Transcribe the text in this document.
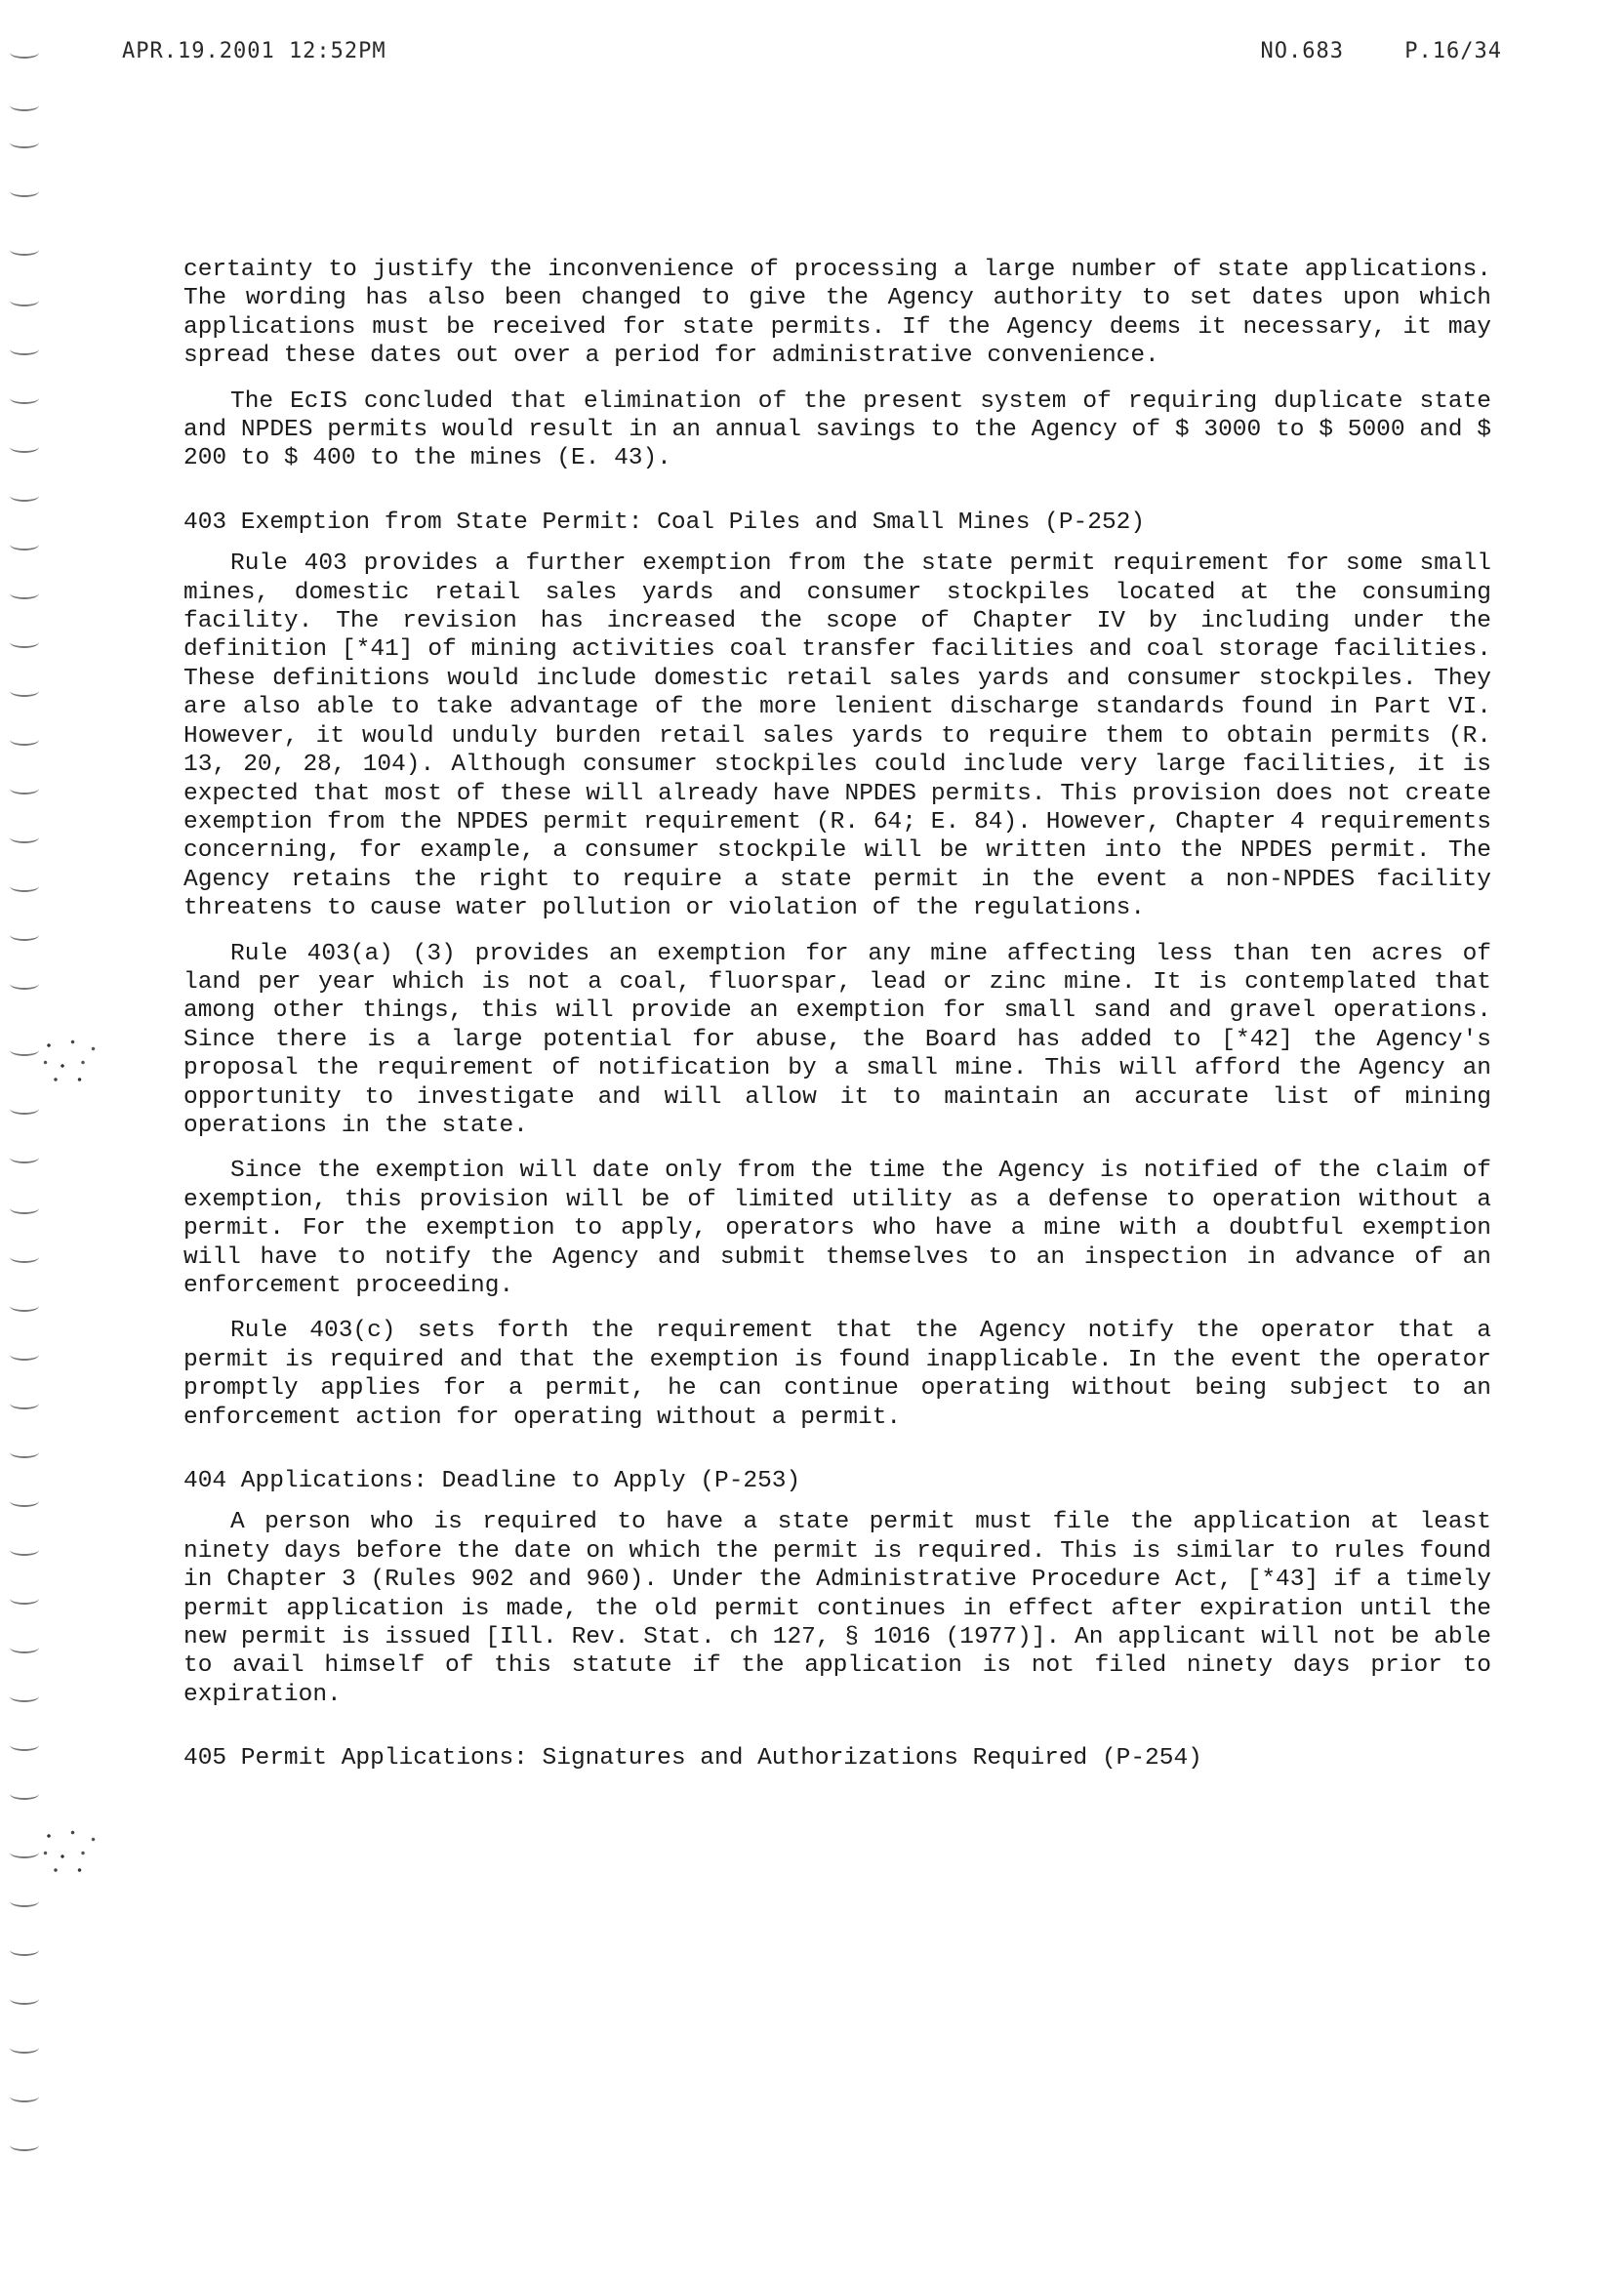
APR.19.2001 12:52PM	NO.683	P.16/34

certainty to justify the inconvenience of processing a large number of state applications. The wording has also been changed to give the Agency authority to set dates upon which applications must be received for state permits. If the Agency deems it necessary, it may spread these dates out over a period for administrative convenience.

The EcIS concluded that elimination of the present system of requiring duplicate state and NPDES permits would result in an annual savings to the Agency of $ 3000 to $ 5000 and $ 200 to $ 400 to the mines (E. 43).

403 Exemption from State Permit: Coal Piles and Small Mines (P-252)

Rule 403 provides a further exemption from the state permit requirement for some small mines, domestic retail sales yards and consumer stockpiles located at the consuming facility. The revision has increased the scope of Chapter IV by including under the definition [*41] of mining activities coal transfer facilities and coal storage facilities. These definitions would include domestic retail sales yards and consumer stockpiles. They are also able to take advantage of the more lenient discharge standards found in Part VI. However, it would unduly burden retail sales yards to require them to obtain permits (R. 13, 20, 28, 104). Although consumer stockpiles could include very large facilities, it is expected that most of these will already have NPDES permits. This provision does not create exemption from the NPDES permit requirement (R. 64; E. 84). However, Chapter 4 requirements concerning, for example, a consumer stockpile will be written into the NPDES permit. The Agency retains the right to require a state permit in the event a non-NPDES facility threatens to cause water pollution or violation of the regulations.

Rule 403(a) (3) provides an exemption for any mine affecting less than ten acres of land per year which is not a coal, fluorspar, lead or zinc mine. It is contemplated that among other things, this will provide an exemption for small sand and gravel operations. Since there is a large potential for abuse, the Board has added to [*42] the Agency's proposal the requirement of notification by a small mine. This will afford the Agency an opportunity to investigate and will allow it to maintain an accurate list of mining operations in the state.

Since the exemption will date only from the time the Agency is notified of the claim of exemption, this provision will be of limited utility as a defense to operation without a permit. For the exemption to apply, operators who have a mine with a doubtful exemption will have to notify the Agency and submit themselves to an inspection in advance of an enforcement proceeding.

Rule 403(c) sets forth the requirement that the Agency notify the operator that a permit is required and that the exemption is found inapplicable. In the event the operator promptly applies for a permit, he can continue operating without being subject to an enforcement action for operating without a permit.

404 Applications: Deadline to Apply (P-253)

A person who is required to have a state permit must file the application at least ninety days before the date on which the permit is required. This is similar to rules found in Chapter 3 (Rules 902 and 960). Under the Administrative Procedure Act, [*43] if a timely permit application is made, the old permit continues in effect after expiration until the new permit is issued [Ill. Rev. Stat. ch 127, § 1016 (1977)]. An applicant will not be able to avail himself of this statute if the application is not filed ninety days prior to expiration.

405 Permit Applications: Signatures and Authorizations Required (P-254)
